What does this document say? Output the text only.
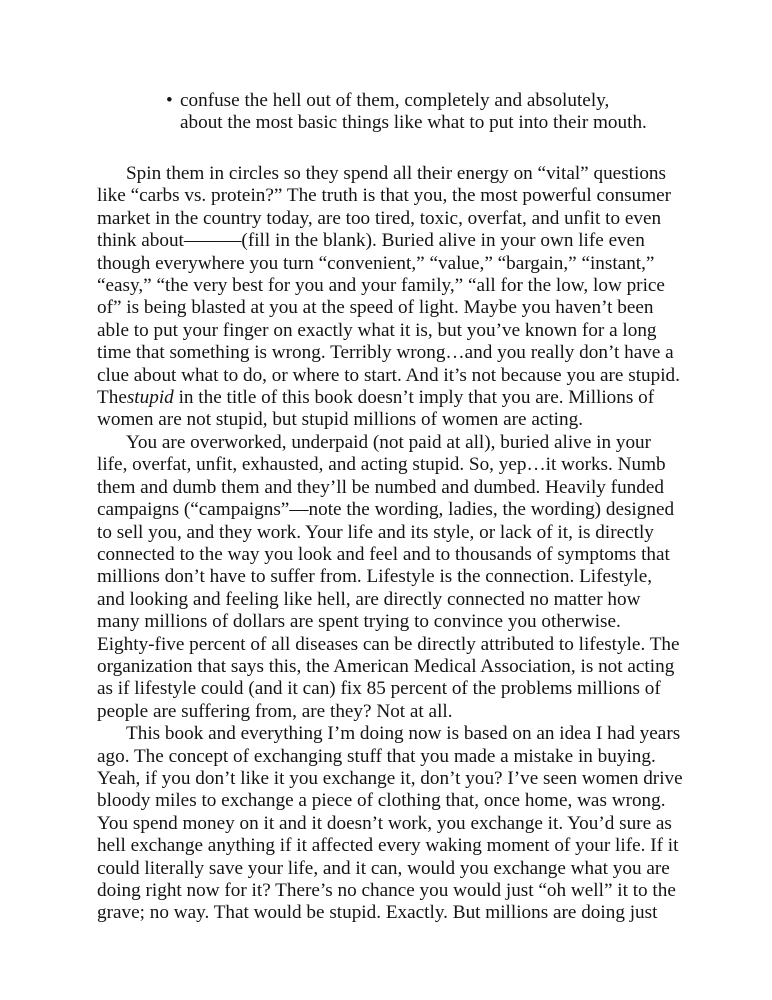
• confuse the hell out of them, completely and absolutely,
about the most basic things like what to put into their mouth.
Spin them in circles so they spend all their energy on “vital” questions
like “carbs vs. protein?” The truth is that you, the most powerful consumer
market in the country today, are too tired, toxic, overfat, and unfit to even
think about———(fill in the blank). Buried alive in your own life even
though everywhere you turn “convenient,” “value,” “bargain,” “instant,”
“easy,” “the very best for you and your family,” “all for the low, low price
of” is being blasted at you at the speed of light. Maybe you haven’t been
able to put your finger on exactly what it is, but you’ve known for a long
time that something is wrong. Terribly wrong…and you really don’t have a
clue about what to do, or where to start. And it’s not because you are stupid.
Thestupid in the title of this book doesn’t imply that you are. Millions of
women are not stupid, but stupid millions of women are acting.
You are overworked, underpaid (not paid at all), buried alive in your
life, overfat, unfit, exhausted, and acting stupid. So, yep…it works. Numb
them and dumb them and they’ll be numbed and dumbed. Heavily funded
campaigns (“campaigns”—note the wording, ladies, the wording) designed
to sell you, and they work. Your life and its style, or lack of it, is directly
connected to the way you look and feel and to thousands of symptoms that
millions don’t have to suffer from. Lifestyle is the connection. Lifestyle,
and looking and feeling like hell, are directly connected no matter how
many millions of dollars are spent trying to convince you otherwise.
Eighty-five percent of all diseases can be directly attributed to lifestyle. The
organization that says this, the American Medical Association, is not acting
as if lifestyle could (and it can) fix 85 percent of the problems millions of
people are suffering from, are they? Not at all.
This book and everything I’m doing now is based on an idea I had years
ago. The concept of exchanging stuff that you made a mistake in buying.
Yeah, if you don’t like it you exchange it, don’t you? I’ve seen women drive
bloody miles to exchange a piece of clothing that, once home, was wrong.
You spend money on it and it doesn’t work, you exchange it. You’d sure as
hell exchange anything if it affected every waking moment of your life. If it
could literally save your life, and it can, would you exchange what you are
doing right now for it? There’s no chance you would just “oh well” it to the
grave; no way. That would be stupid. Exactly. But millions are doing just
